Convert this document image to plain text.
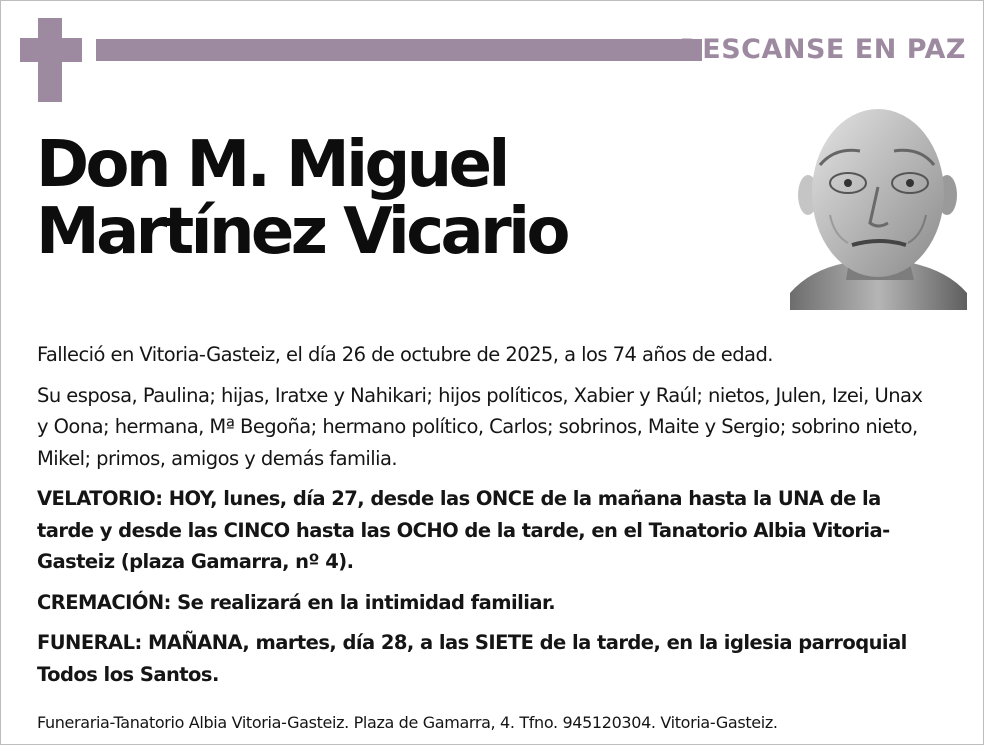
DESCANSE EN PAZ
Don M. Miguel
Martínez Vicario

Falleció en Vitoria-Gasteiz, el día 26 de octubre de 2025, a los 74 años de edad.

Su esposa, Paulina; hijas, Iratxe y Nahikari; hijos políticos, Xabier y Raúl; nietos, Julen, Izei, Unax y Oona; hermana, Mª Begoña; hermano político, Carlos; sobrinos, Maite y Sergio; sobrino nieto, Mikel; primos, amigos y demás familia.

VELATORIO: HOY, lunes, día 27, desde las ONCE de la mañana hasta la UNA de la tarde y desde las CINCO hasta las OCHO de la tarde, en el Tanatorio Albia Vitoria-Gasteiz (plaza Gamarra, nº 4).

CREMACIÓN: Se realizará en la intimidad familiar.

FUNERAL: MAÑANA, martes, día 28, a las SIETE de la tarde, en la iglesia parroquial Todos los Santos.

Funeraria-Tanatorio Albia Vitoria-Gasteiz. Plaza de Gamarra, 4. Tfno. 945120304. Vitoria-Gasteiz.
